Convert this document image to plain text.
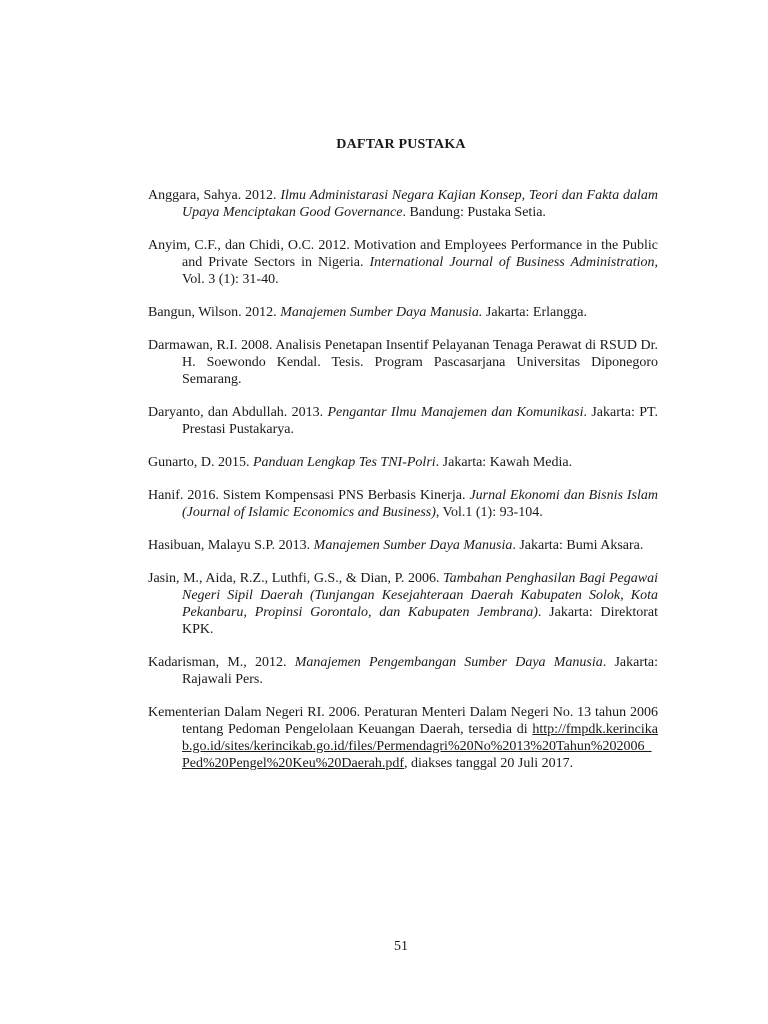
DAFTAR PUSTAKA

Anggara, Sahya. 2012. Ilmu Administarasi Negara Kajian Konsep, Teori dan Fakta dalam Upaya Menciptakan Good Governance. Bandung: Pustaka Setia.

Anyim, C.F., dan Chidi, O.C. 2012. Motivation and Employees Performance in the Public and Private Sectors in Nigeria. International Journal of Business Administration, Vol. 3 (1): 31-40.

Bangun, Wilson. 2012. Manajemen Sumber Daya Manusia. Jakarta: Erlangga.

Darmawan, R.I. 2008. Analisis Penetapan Insentif Pelayanan Tenaga Perawat di RSUD Dr. H. Soewondo Kendal. Tesis. Program Pascasarjana Universitas Diponegoro Semarang.

Daryanto, dan Abdullah. 2013. Pengantar Ilmu Manajemen dan Komunikasi. Jakarta: PT. Prestasi Pustakarya.

Gunarto, D. 2015. Panduan Lengkap Tes TNI-Polri. Jakarta: Kawah Media.

Hanif. 2016. Sistem Kompensasi PNS Berbasis Kinerja. Jurnal Ekonomi dan Bisnis Islam (Journal of Islamic Economics and Business), Vol.1 (1): 93-104.

Hasibuan, Malayu S.P. 2013. Manajemen Sumber Daya Manusia. Jakarta: Bumi Aksara.

Jasin, M., Aida, R.Z., Luthfi, G.S., & Dian, P. 2006. Tambahan Penghasilan Bagi Pegawai Negeri Sipil Daerah (Tunjangan Kesejahteraan Daerah Kabupaten Solok, Kota Pekanbaru, Propinsi Gorontalo, dan Kabupaten Jembrana). Jakarta: Direktorat KPK.

Kadarisman, M., 2012. Manajemen Pengembangan Sumber Daya Manusia. Jakarta: Rajawali Pers.

Kementerian Dalam Negeri RI. 2006. Peraturan Menteri Dalam Negeri No. 13 tahun 2006 tentang Pedoman Pengelolaan Keuangan Daerah, tersedia di http://fmpdk.kerincikab.go.id/sites/kerincikab.go.id/files/Permendagri%20No%2013%20Tahun%202006_Ped%20Pengel%20Keu%20Daerah.pdf, diakses tanggal 20 Juli 2017.

51
